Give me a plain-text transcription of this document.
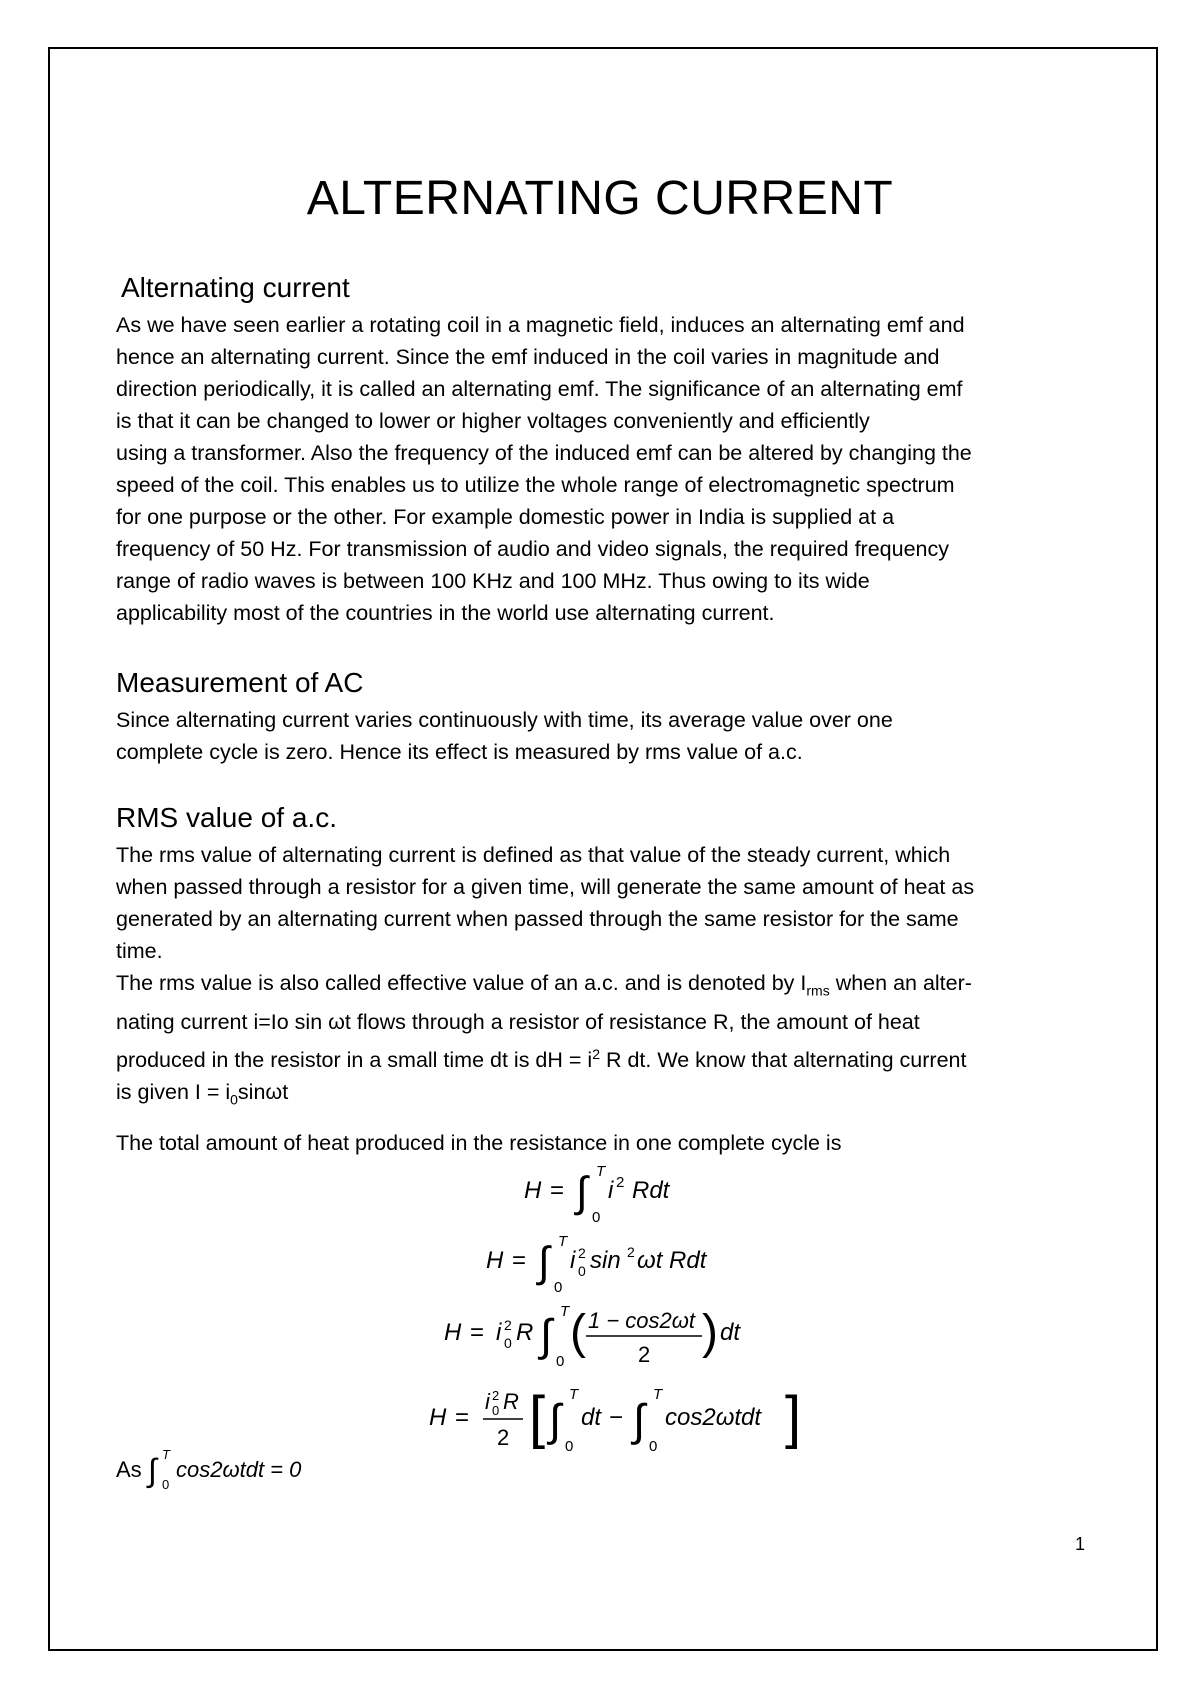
ALTERNATING CURRENT
Alternating current
As we have seen earlier a rotating coil in a magnetic field, induces an alternating emf and
hence an alternating current. Since the emf induced in the coil varies in magnitude and
direction periodically, it is called an alternating emf. The significance of an alternating emf
is that it can be changed to lower or higher voltages conveniently and efficiently
using a transformer. Also the frequency of the induced emf can be altered by changing the
speed of the coil. This enables us to utilize the whole range of electromagnetic spectrum
for one purpose or the other. For example domestic power in India is supplied at a
frequency of 50 Hz. For transmission of audio and video signals, the required frequency
range of radio waves is between 100 KHz and 100 MHz. Thus owing to its wide
applicability most of the countries in the world use alternating current.
Measurement of AC
Since alternating current varies continuously with time, its average value over one
complete cycle is zero. Hence its effect is measured by rms value of a.c.
RMS value of a.c.
The rms value of alternating current is defined as that value of the steady current, which
when passed through a resistor for a given time, will generate the same amount of heat as
generated by an alternating current when passed through the same resistor for the same
time.
The rms value is also called effective value of an a.c. and is denoted by $I_{rms}$ when an alter-
nating current i=Io sin ωt flows through a resistor of resistance R, the amount of heat
produced in the resistor in a small time dt is dH = $i^2$ R dt. We know that alternating current
is given $I = i_0\sin\omega t$
The total amount of heat produced in the resistance in one complete cycle is
H = ∫ T
0
i 2 Rdt
H = ∫ T
0
i 2
0 sin 2 ωt Rdt
H = i 2
0 R ∫ T
0
( 1 − cos2ωt
2 ) dt
H =
i 2
0 R
2 [ ∫
T
0
dt − ∫
T
0
cos2ωtdt ]
As ∫ T
0
cos2ωtdt = 0
1
